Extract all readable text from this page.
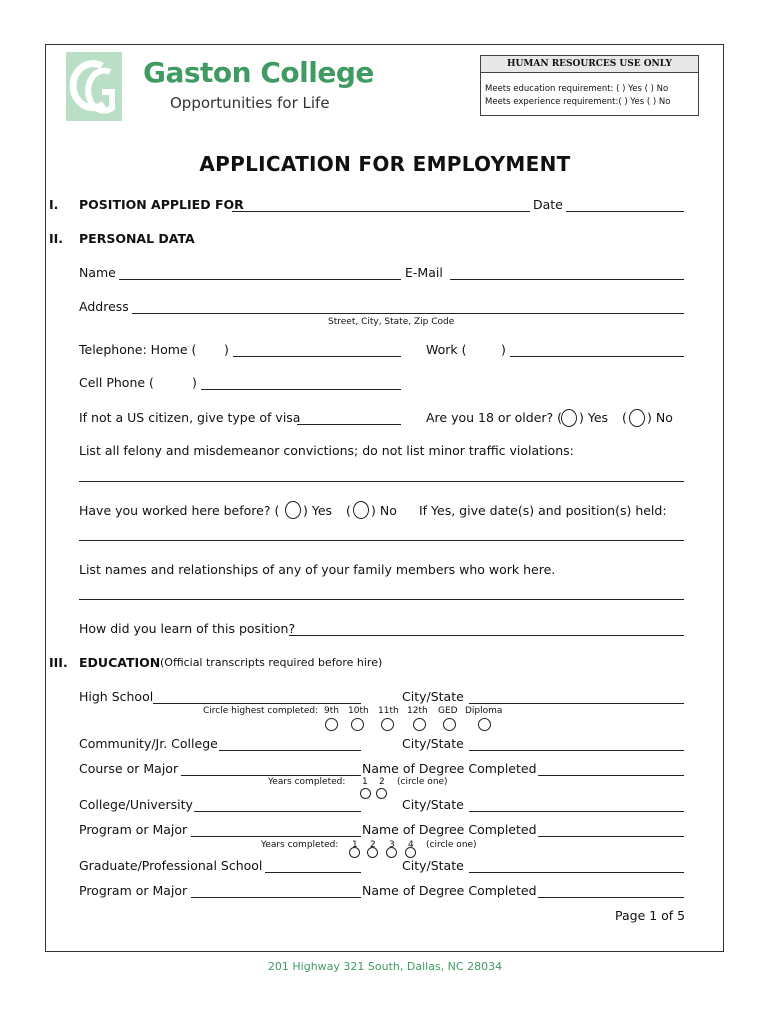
Gaston College
Opportunities for Life
HUMAN RESOURCES USE ONLY
Meets education requirement: ( ) Yes ( ) No
Meets experience requirement:( ) Yes ( ) No
APPLICATION FOR EMPLOYMENT
I. POSITION APPLIED FOR	Date
II. PERSONAL DATA
Name	E-Mail
Address
Street, City, State, Zip Code
Telephone: Home ( )	Work (	)
Cell Phone (	)
If not a US citizen, give type of visa	Are you 18 or older? ( ) Yes ( ) No
List all felony and misdemeanor convictions; do not list minor traffic violations:
Have you worked here before? ( ) Yes ( ) No If Yes, give date(s) and position(s) held:
List names and relationships of any of your family members who work here.
How did you learn of this position?
III. EDUCATION (Official transcripts required before hire)
High School	City/State
Circle highest completed: 9th 10th 11th 12th GED Diploma
Community/Jr. College	City/State
Course or Major	Name of Degree Completed
Years completed: 1 2 (circle one)
College/University	City/State
Program or Major	Name of Degree Completed
Years completed: 1 2 3 4 (circle one)
Graduate/Professional School	City/State
Program or Major	Name of Degree Completed
Page 1 of 5
201 Highway 321 South, Dallas, NC 28034
